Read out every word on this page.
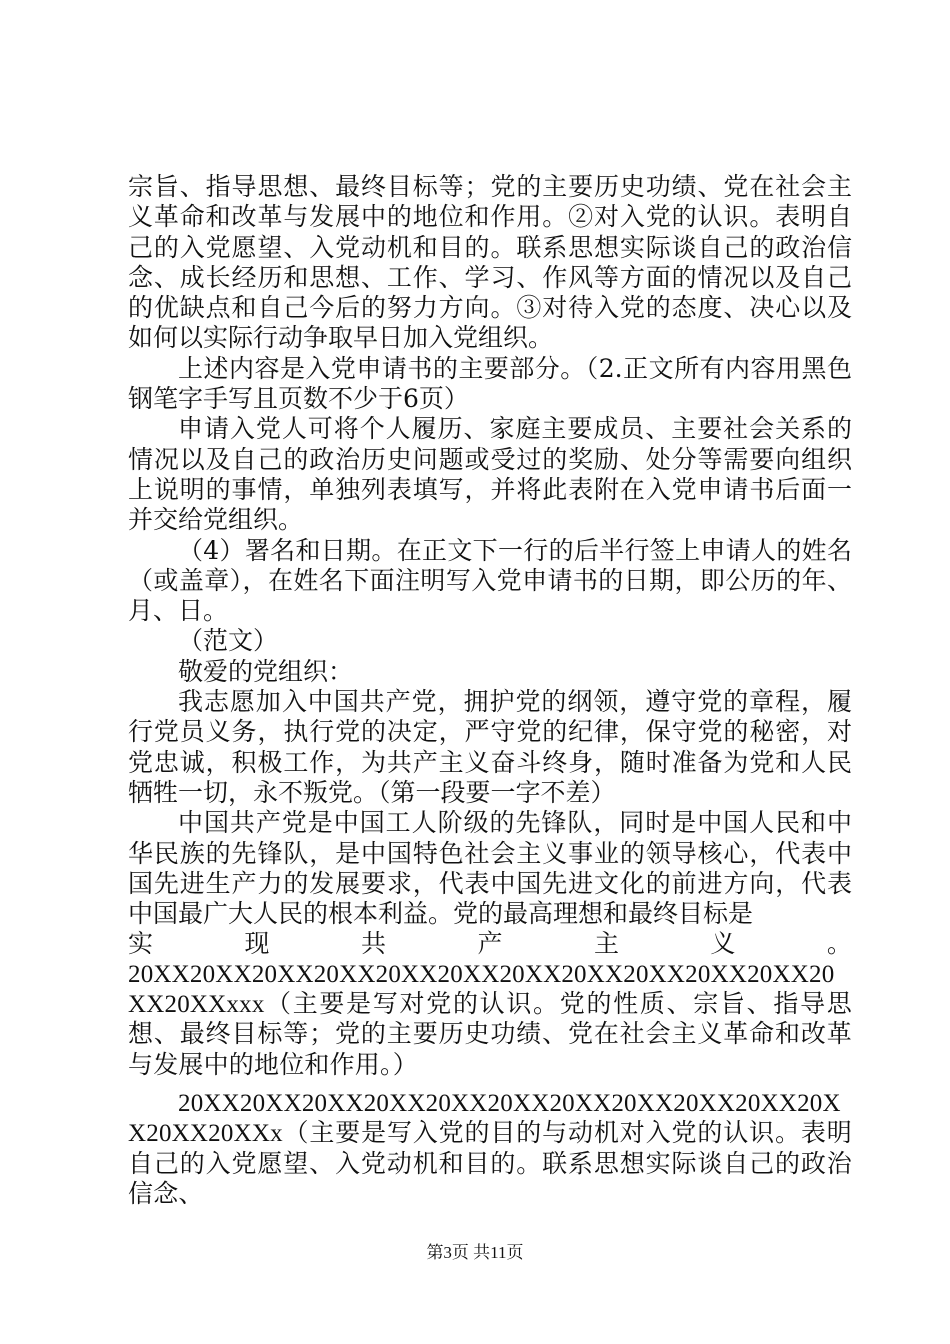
宗旨、指导思想、最终目标等；党的主要历史功绩、党在社会主义革命和改革与发展中的地位和作用。②对入党的认识。表明自己的入党愿望、入党动机和目的。联系思想实际谈自己的政治信念、成长经历和思想、工作、学习、作风等方面的情况以及自己的优缺点和自己今后的努力方向。③对待入党的态度、决心以及如何以实际行动争取早日加入党组织。

上述内容是入党申请书的主要部分。（2.正文所有内容用黑色钢笔字手写且页数不少于6页）

申请入党人可将个人履历、家庭主要成员、主要社会关系的情况以及自己的政治历史问题或受过的奖励、处分等需要向组织上说明的事情，单独列表填写，并将此表附在入党申请书后面一并交给党组织。

（4）署名和日期。在正文下一行的后半行签上申请人的姓名（或盖章），在姓名下面注明写入党申请书的日期，即公历的年、月、日。

（范文）

敬爱的党组织：

我志愿加入中国共产党，拥护党的纲领，遵守党的章程，履行党员义务，执行党的决定，严守党的纪律，保守党的秘密，对党忠诚，积极工作，为共产主义奋斗终身，随时准备为党和人民牺牲一切，永不叛党。（第一段要一字不差）

中国共产党是中国工人阶级的先锋队，同时是中国人民和中华民族的先锋队，是中国特色社会主义事业的领导核心，代表中国先进生产力的发展要求，代表中国先进文化的前进方向，代表中国最广大人民的根本利益。党的最高理想和最终目标是

实	现	共	产	主	义	。

20XX20XX20XX20XX20XX20XX20XX20XX20XX20XX20XX20XX20XXxxx（主要是写对党的认识。党的性质、宗旨、指导思想、最终目标等；党的主要历史功绩、党在社会主义革命和改革与发展中的地位和作用。）

20XX20XX20XX20XX20XX20XX20XX20XX20XX20XX20XX20XX20XXx（主要是写入党的目的与动机对入党的认识。表明自己的入党愿望、入党动机和目的。联系思想实际谈自己的政治信念、

第3页 共11页
